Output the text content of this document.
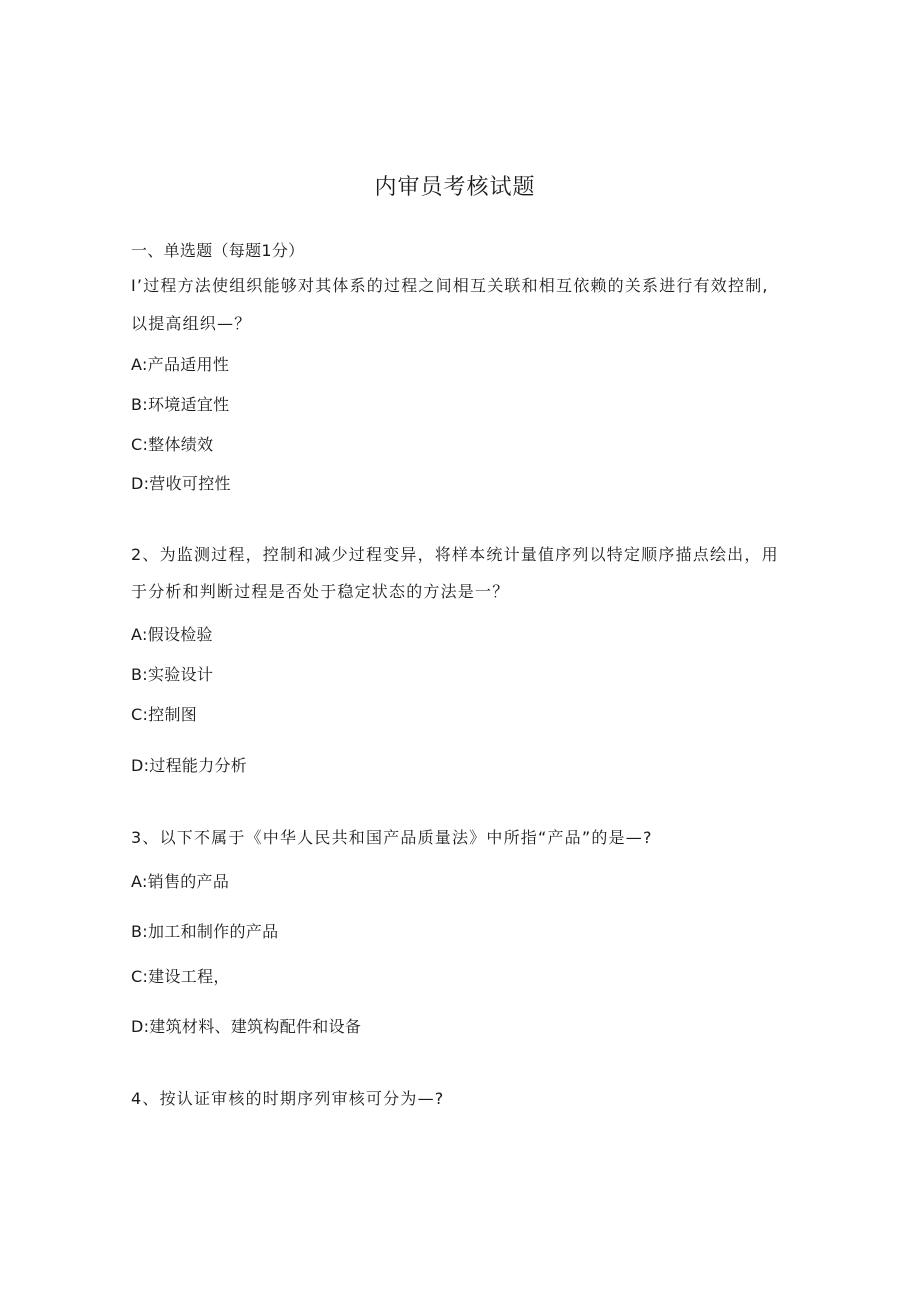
内审员考核试题
一、单选题（每题1分）
I’过程方法使组织能够对其体系的过程之间相互关联和相互依赖的关系进行有效控制,
以提高组织—？
A:产品适用性
B:环境适宜性
C:整体绩效
D:营收可控性
2、为监测过程，控制和减少过程变异，将样本统计量值序列以特定顺序描点绘出，用
于分析和判断过程是否处于稳定状态的方法是一？
A:假设检验
B:实验设计
C:控制图
D:过程能力分析
3、以下不属于《中华人民共和国产品质量法》中所指“产品”的是—?
A:销售的产品
B:加工和制作的产品
C:建设工程，
D:建筑材料、建筑构配件和设备
4、按认证审核的时期序列审核可分为—?
